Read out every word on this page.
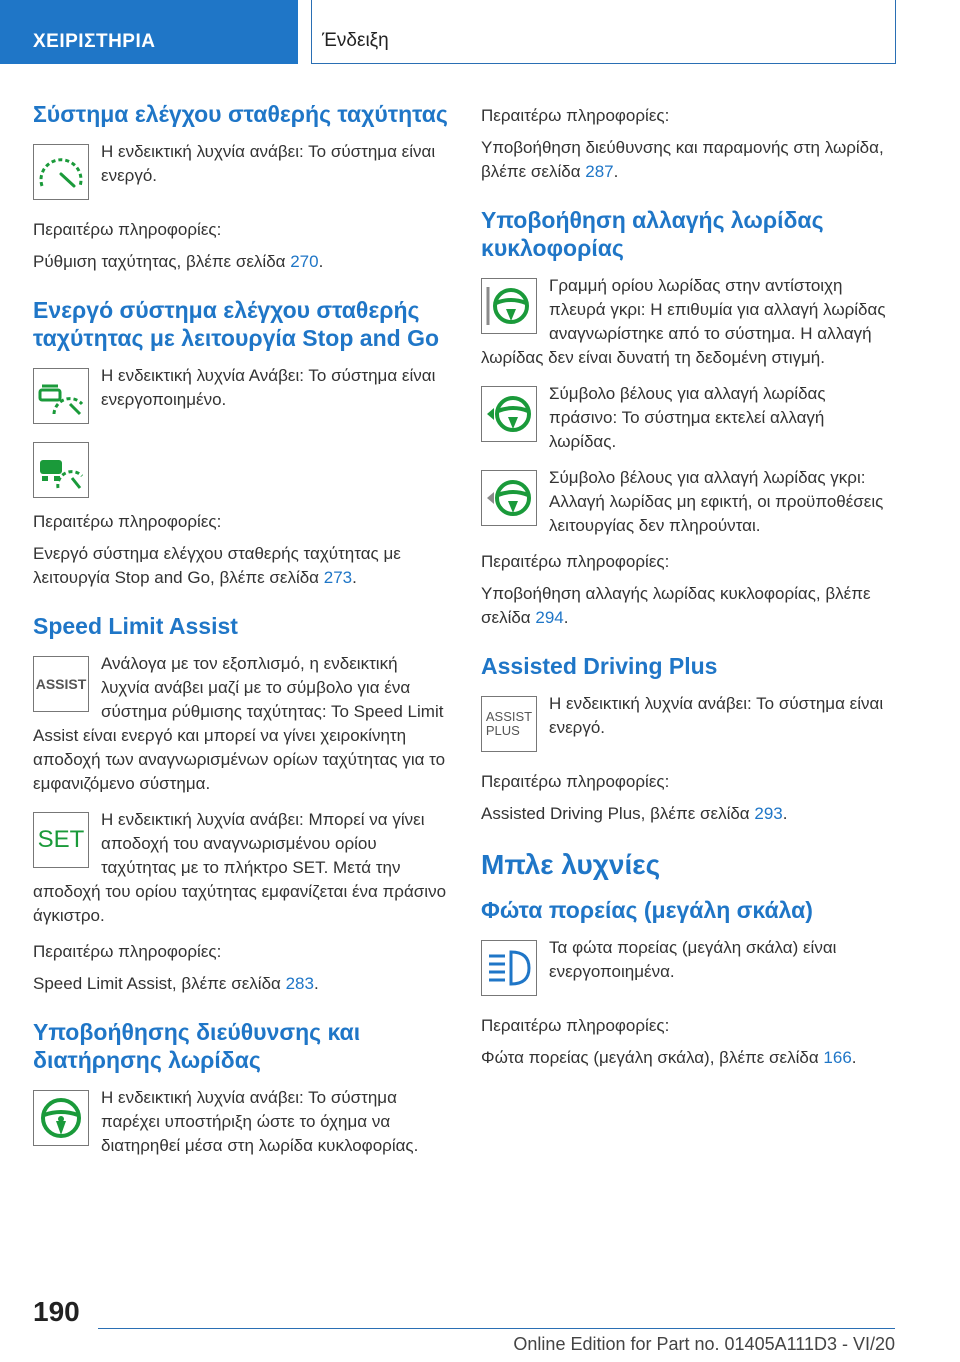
ΧΕΙΡΙΣΤΗΡΙΑ	Ένδειξη
Σύστημα ελέγχου σταθερής ταχύτητας

Η ενδεικτική λυχνία ανάβει: Το σύστημα είναι ενεργό.

Περαιτέρω πληροφορίες:

Ρύθμιση ταχύτητας, βλέπε σελίδα 270.

Ενεργό σύστημα ελέγχου σταθερής ταχύτητας με λειτουργία Stop and Go

Η ενδεικτική λυχνία Ανάβει: Το σύστημα είναι ενεργοποιημένο.

Περαιτέρω πληροφορίες:

Ενεργό σύστημα ελέγχου σταθερής ταχύτητας με λειτουργία Stop and Go, βλέπε σελίδα 273.

Speed Limit Assist
ASSIST

Ανάλογα με τον εξοπλισμό, η ενδεικτική λυχνία ανάβει μαζί με το σύμβολο για ένα σύστημα ρύθμισης ταχύτητας: Το Speed Limit Assist είναι ενεργό και μπορεί να γίνει χειροκίνητη αποδοχή των αναγνωρισμένων ορίων ταχύτητας για το εμφανιζόμενο σύστημα.

SET

Η ενδεικτική λυχνία ανάβει: Μπορεί να γίνει αποδοχή του αναγνωρισμένου ορίου ταχύτητας με το πλήκτρο SET. Μετά την αποδοχή του ορίου ταχύτητας εμφανίζεται ένα πράσινο άγκιστρο.

Περαιτέρω πληροφορίες:

Speed Limit Assist, βλέπε σελίδα 283.

Υποβοήθησης διεύθυνσης και διατήρησης λωρίδας

Η ενδεικτική λυχνία ανάβει: Το σύστημα παρέχει υποστήριξη ώστε το όχημα να διατηρηθεί μέσα στη λωρίδα κυκλοφορίας.

Περαιτέρω πληροφορίες:

Υποβοήθηση διεύθυνσης και παραμονής στη λωρίδα, βλέπε σελίδα 287.

Υποβοήθηση αλλαγής λωρίδας κυκλοφορίας

Γραμμή ορίου λωρίδας στην αντίστοιχη πλευρά γκρι: Η επιθυμία για αλλαγή λωρίδας αναγνωρίστηκε από το σύστημα. Η αλλαγή λωρίδας δεν είναι δυνατή τη δεδομένη στιγμή.

Σύμβολο βέλους για αλλαγή λωρίδας πράσινο: Το σύστημα εκτελεί αλλαγή λωρίδας.

Σύμβολο βέλους για αλλαγή λωρίδας γκρι: Αλλαγή λωρίδας μη εφικτή, οι προϋποθέσεις λειτουργίας δεν πληρούνται.

Περαιτέρω πληροφορίες:

Υποβοήθηση αλλαγής λωρίδας κυκλοφορίας, βλέπε σελίδα 294.

Assisted Driving Plus
ASSIST
PLUS

Η ενδεικτική λυχνία ανάβει: Το σύστημα είναι ενεργό.

Περαιτέρω πληροφορίες:

Assisted Driving Plus, βλέπε σελίδα 293.

Μπλε λυχνίες
Φώτα πορείας (μεγάλη σκάλα)

Τα φώτα πορείας (μεγάλη σκάλα) είναι ενεργοποιημένα.

Περαιτέρω πληροφορίες:

Φώτα πορείας (μεγάλη σκάλα), βλέπε σελίδα 166.

190
Online Edition for Part no. 01405A111D3 - VI/20
